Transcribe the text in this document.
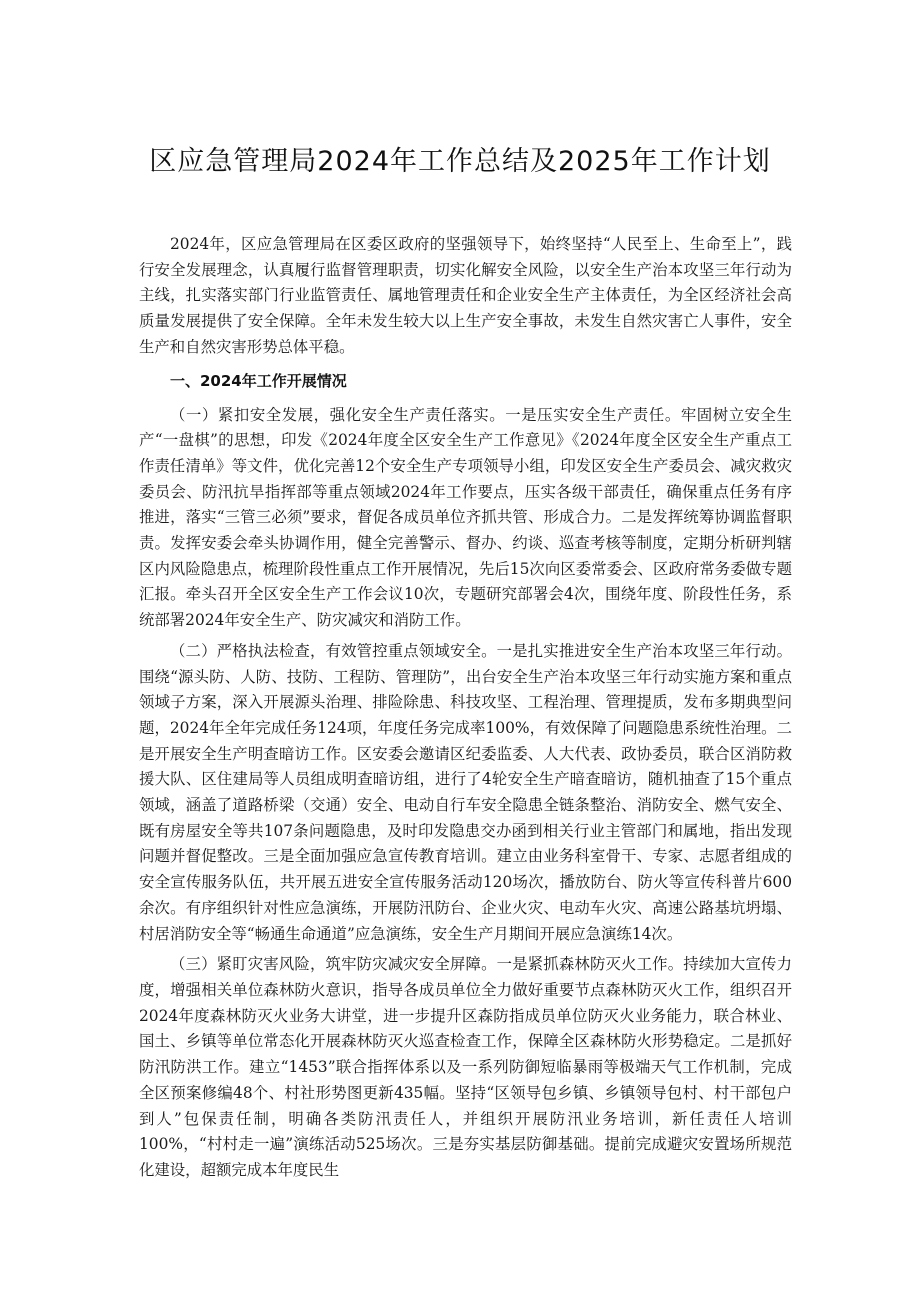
区应急管理局2024年工作总结及2025年工作计划

2024年，区应急管理局在区委区政府的坚强领导下，始终坚持“人民至上、生命至上”，践行安全发展理念，认真履行监督管理职责，切实化解安全风险，以安全生产治本攻坚三年行动为主线，扎实落实部门行业监管责任、属地管理责任和企业安全生产主体责任，为全区经济社会高质量发展提供了安全保障。全年未发生较大以上生产安全事故，未发生自然灾害亡人事件，安全生产和自然灾害形势总体平稳。

一、2024年工作开展情况

（一）紧扣安全发展，强化安全生产责任落实。一是压实安全生产责任。牢固树立安全生产“一盘棋”的思想，印发《2024年度全区安全生产工作意见》《2024年度全区安全生产重点工作责任清单》等文件，优化完善12个安全生产专项领导小组，印发区安全生产委员会、减灾救灾委员会、防汛抗旱指挥部等重点领域2024年工作要点，压实各级干部责任，确保重点任务有序推进，落实“三管三必须”要求，督促各成员单位齐抓共管、形成合力。二是发挥统筹协调监督职责。发挥安委会牵头协调作用，健全完善警示、督办、约谈、巡查考核等制度，定期分析研判辖区内风险隐患点，梳理阶段性重点工作开展情况，先后15次向区委常委会、区政府常务委做专题汇报。牵头召开全区安全生产工作会议10次，专题研究部署会4次，围绕年度、阶段性任务，系统部署2024年安全生产、防灾减灾和消防工作。

（二）严格执法检查，有效管控重点领域安全。一是扎实推进安全生产治本攻坚三年行动。围绕“源头防、人防、技防、工程防、管理防”，出台安全生产治本攻坚三年行动实施方案和重点领域子方案，深入开展源头治理、排险除患、科技攻坚、工程治理、管理提质，发布多期典型问题，2024年全年完成任务124项，年度任务完成率100%，有效保障了问题隐患系统性治理。二是开展安全生产明查暗访工作。区安委会邀请区纪委监委、人大代表、政协委员，联合区消防救援大队、区住建局等人员组成明查暗访组，进行了4轮安全生产暗查暗访，随机抽查了15个重点领域，涵盖了道路桥梁（交通）安全、电动自行车安全隐患全链条整治、消防安全、燃气安全、既有房屋安全等共107条问题隐患，及时印发隐患交办函到相关行业主管部门和属地，指出发现问题并督促整改。三是全面加强应急宣传教育培训。建立由业务科室骨干、专家、志愿者组成的安全宣传服务队伍，共开展五进安全宣传服务活动120场次，播放防台、防火等宣传科普片600余次。有序组织针对性应急演练，开展防汛防台、企业火灾、电动车火灾、高速公路基坑坍塌、村居消防安全等“畅通生命通道”应急演练，安全生产月期间开展应急演练14次。

（三）紧盯灾害风险，筑牢防灾减灾安全屏障。一是紧抓森林防灭火工作。持续加大宣传力度，增强相关单位森林防火意识，指导各成员单位全力做好重要节点森林防灭火工作，组织召开2024年度森林防灭火业务大讲堂，进一步提升区森防指成员单位防灭火业务能力，联合林业、国土、乡镇等单位常态化开展森林防灭火巡查检查工作，保障全区森林防火形势稳定。二是抓好防汛防洪工作。建立“1453”联合指挥体系以及一系列防御短临暴雨等极端天气工作机制，完成全区预案修编48个、村社形势图更新435幅。坚持“区领导包乡镇、乡镇领导包村、村干部包户到人”包保责任制，明确各类防汛责任人，并组织开展防汛业务培训，新任责任人培训100%，“村村走一遍”演练活动525场次。三是夯实基层防御基础。提前完成避灾安置场所规范化建设，超额完成本年度民生
